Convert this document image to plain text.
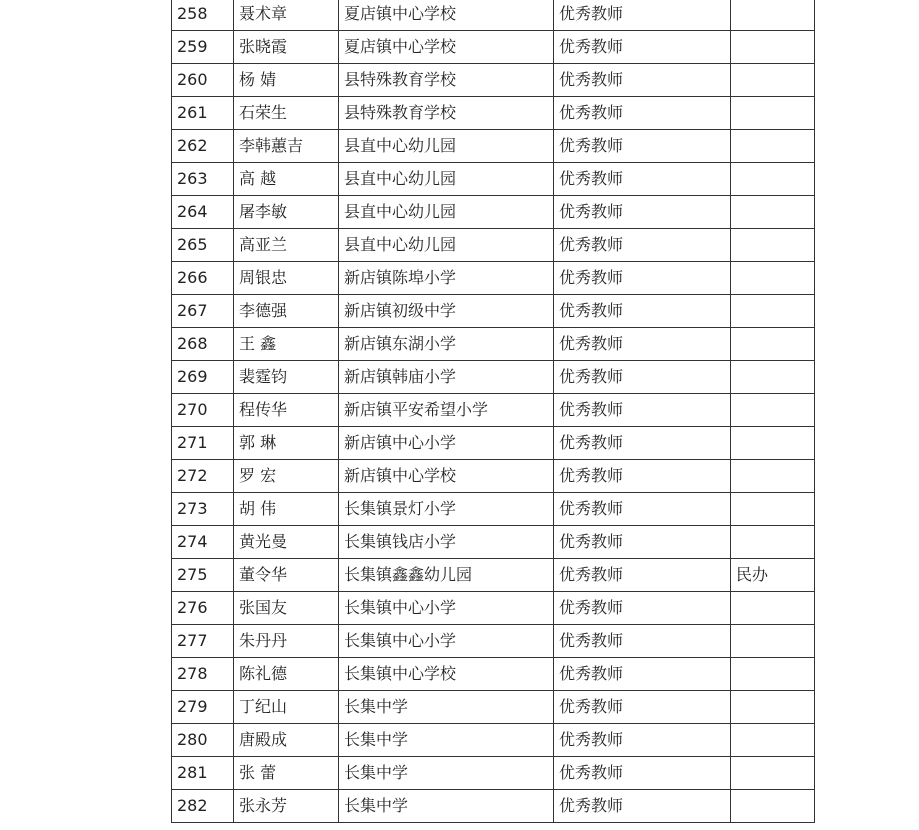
258	聂术章	夏店镇中心学校	优秀教师	
259	张晓霞	夏店镇中心学校	优秀教师	
260	杨 婧	县特殊教育学校	优秀教师	
261	石荣生	县特殊教育学校	优秀教师	
262	李韩蕙吉	县直中心幼儿园	优秀教师	
263	高 越	县直中心幼儿园	优秀教师	
264	屠李敏	县直中心幼儿园	优秀教师	
265	高亚兰	县直中心幼儿园	优秀教师	
266	周银忠	新店镇陈埠小学	优秀教师	
267	李德强	新店镇初级中学	优秀教师	
268	王 鑫	新店镇东湖小学	优秀教师	
269	裴霆钧	新店镇韩庙小学	优秀教师	
270	程传华	新店镇平安希望小学	优秀教师	
271	郭 琳	新店镇中心小学	优秀教师	
272	罗 宏	新店镇中心学校	优秀教师	
273	胡 伟	长集镇景灯小学	优秀教师	
274	黄光曼	长集镇钱店小学	优秀教师	
275	董令华	长集镇鑫鑫幼儿园	优秀教师	民办
276	张国友	长集镇中心小学	优秀教师	
277	朱丹丹	长集镇中心小学	优秀教师	
278	陈礼德	长集镇中心学校	优秀教师	
279	丁纪山	长集中学	优秀教师	
280	唐殿成	长集中学	优秀教师	
281	张 蕾	长集中学	优秀教师	
282	张永芳	长集中学	优秀教师	
